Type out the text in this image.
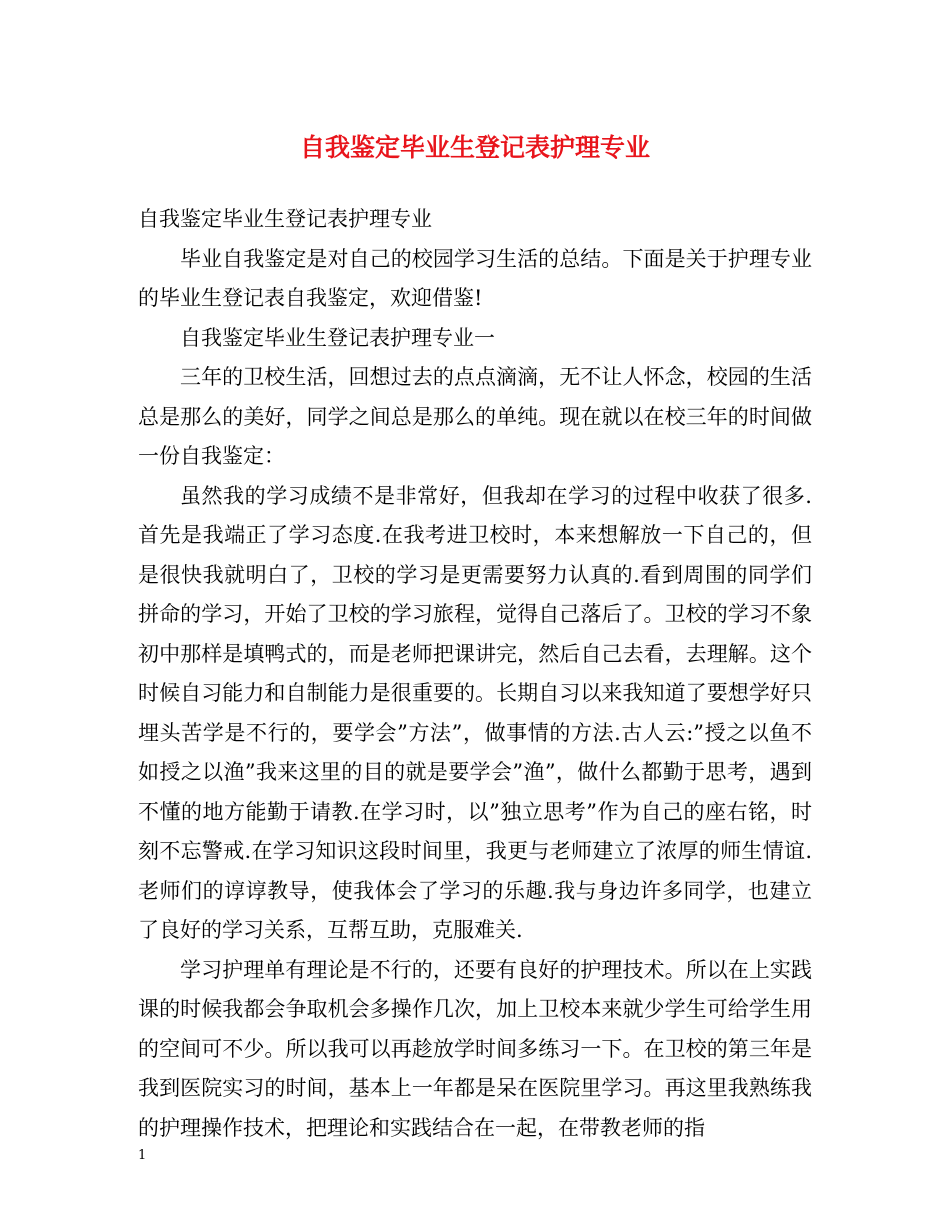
自我鉴定毕业生登记表护理专业

自我鉴定毕业生登记表护理专业

毕业自我鉴定是对自己的校园学习生活的总结。下面是关于护理专业的毕业生登记表自我鉴定，欢迎借鉴!

自我鉴定毕业生登记表护理专业一

三年的卫校生活，回想过去的点点滴滴，无不让人怀念，校园的生活总是那么的美好，同学之间总是那么的单纯。现在就以在校三年的时间做一份自我鉴定：

虽然我的学习成绩不是非常好，但我却在学习的过程中收获了很多.首先是我端正了学习态度.在我考进卫校时，本来想解放一下自己的，但是很快我就明白了，卫校的学习是更需要努力认真的.看到周围的同学们拼命的学习，开始了卫校的学习旅程，觉得自己落后了。卫校的学习不象初中那样是填鸭式的，而是老师把课讲完，然后自己去看，去理解。这个时候自习能力和自制能力是很重要的。长期自习以来我知道了要想学好只埋头苦学是不行的，要学会”方法”，做事情的方法.古人云:”授之以鱼不如授之以渔”我来这里的目的就是要学会”渔”，做什么都勤于思考，遇到不懂的地方能勤于请教.在学习时，以”独立思考”作为自己的座右铭，时刻不忘警戒.在学习知识这段时间里，我更与老师建立了浓厚的师生情谊.老师们的谆谆教导，使我体会了学习的乐趣.我与身边许多同学，也建立了良好的学习关系，互帮互助，克服难关.

学习护理单有理论是不行的，还要有良好的护理技术。所以在上实践课的时候我都会争取机会多操作几次，加上卫校本来就少学生可给学生用的空间可不少。所以我可以再趁放学时间多练习一下。在卫校的第三年是我到医院实习的时间，基本上一年都是呆在医院里学习。再这里我熟练我的护理操作技术，把理论和实践结合在一起，在带教老师的指

1
